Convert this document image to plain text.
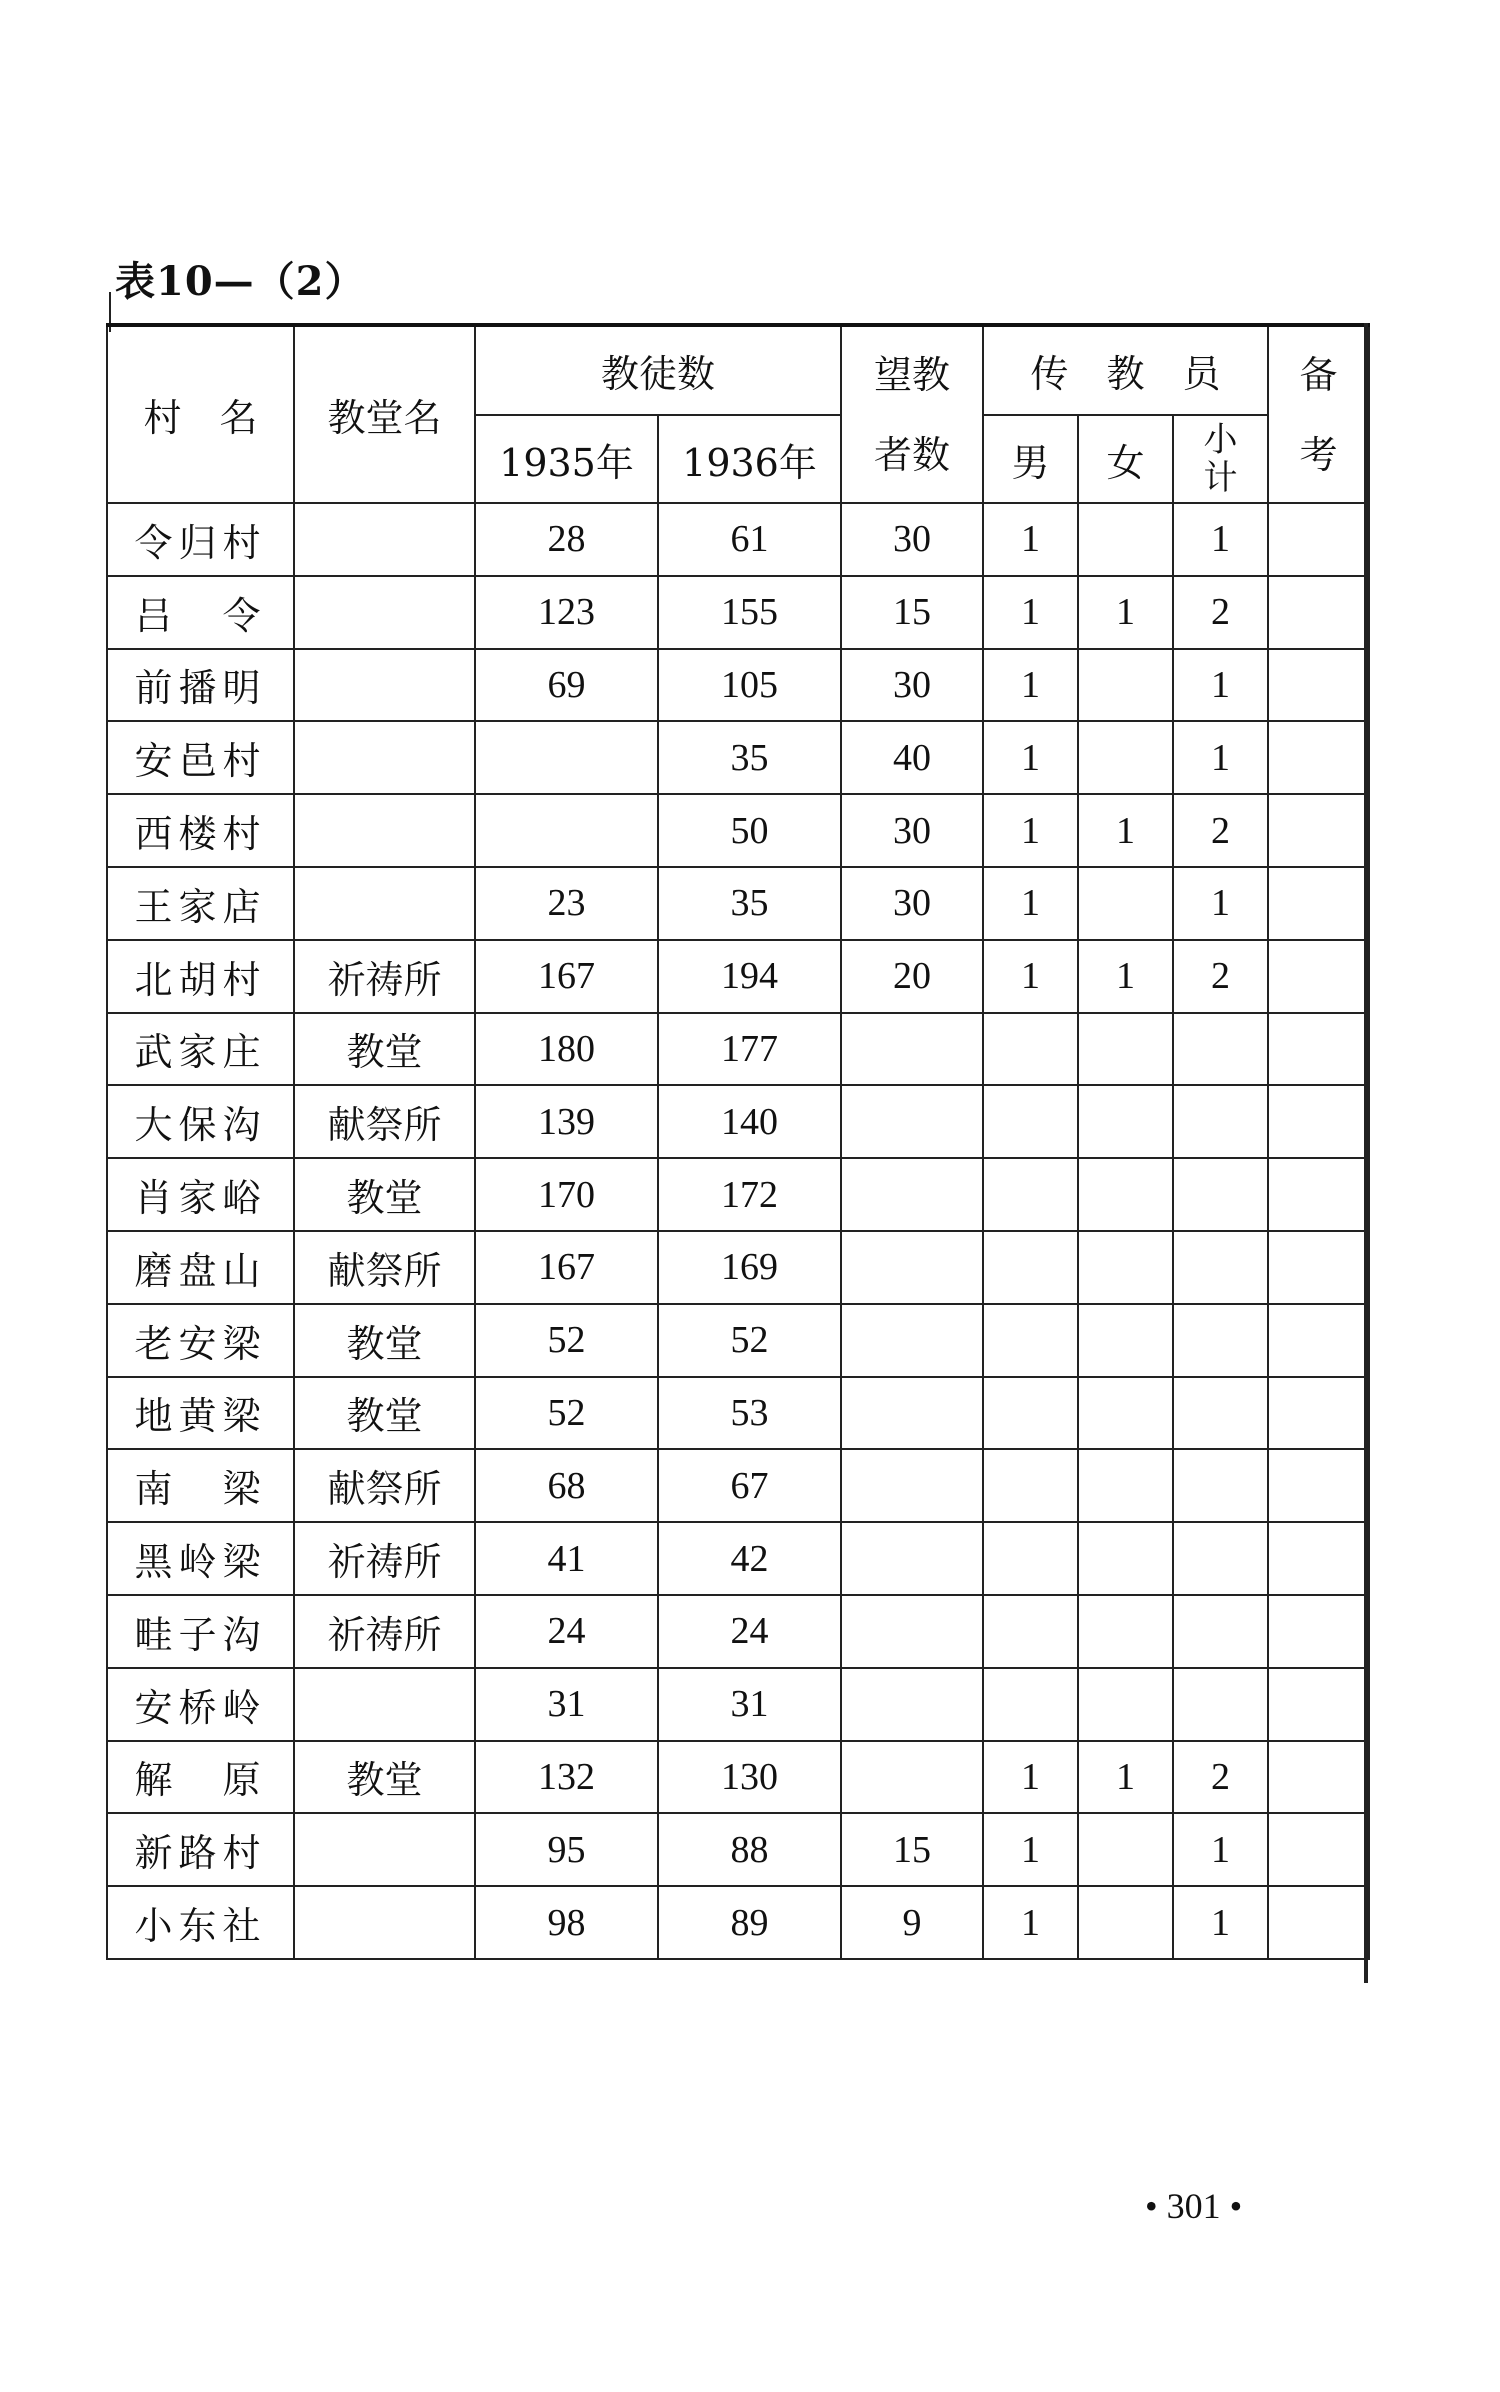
表10—（2）
村　名	教堂名	教徒数		望教者数	传　教　员			备考

		1935年	1936年		男	女	小计	

令归村		28	61	30	1		1	
吕　令		123	155	15	1	1	2	
前播明		69	105	30	1		1	
安邑村			35	40	1		1	
西楼村			50	30	1	1	2	
王家店		23	35	30	1		1	
北胡村	祈祷所	167	194	20	1	1	2	
武家庄	教堂	180	177					
大保沟	献祭所	139	140					
肖家峪	教堂	170	172					
磨盘山	献祭所	167	169					
老安梁	教堂	52	52					
地黄梁	教堂	52	53					
南　梁	献祭所	68	67					
黑岭梁	祈祷所	41	42					
畦子沟	祈祷所	24	24					
安桥岭		31	31					
解　原	教堂	132	130		1	1	2	
新路村		95	88	15	1		1	
小东社		98	89	9	1		1	
• 301 •
